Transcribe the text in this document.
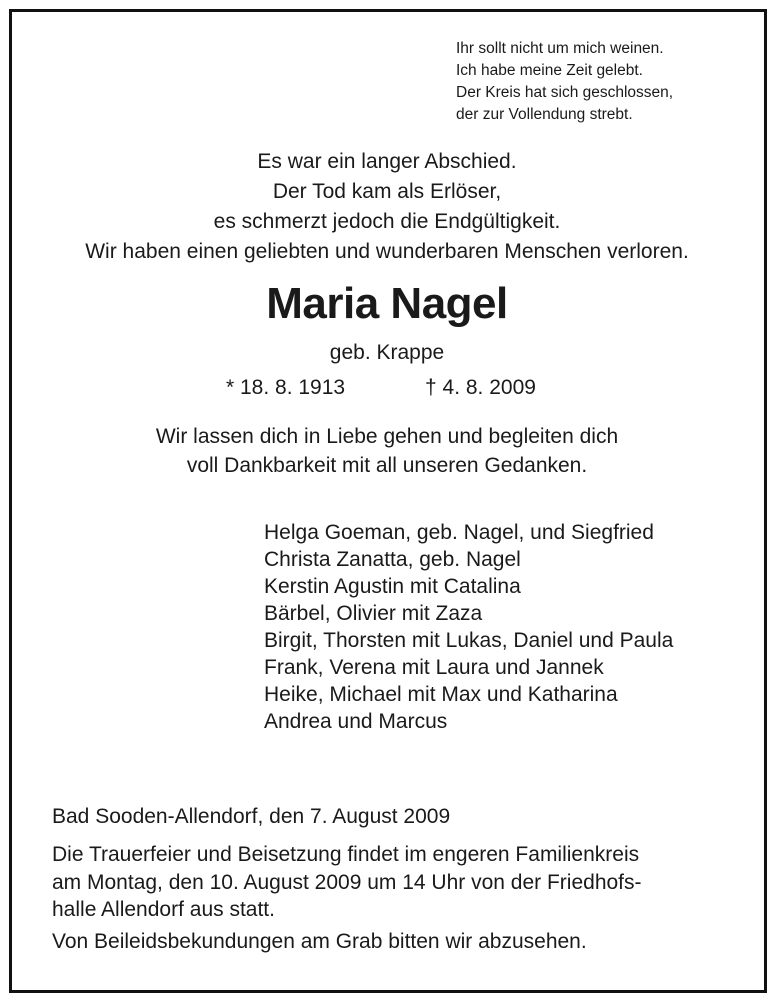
Ihr sollt nicht um mich weinen.
Ich habe meine Zeit gelebt.
Der Kreis hat sich geschlossen,
der zur Vollendung strebt.
Es war ein langer Abschied.
Der Tod kam als Erlöser,
es schmerzt jedoch die Endgültigkeit.
Wir haben einen geliebten und wunderbaren Menschen verloren.
Maria Nagel
geb. Krappe
* 18. 8. 1913	† 4. 8. 2009
Wir lassen dich in Liebe gehen und begleiten dich
voll Dankbarkeit mit all unseren Gedanken.
Helga Goeman, geb. Nagel, und Siegfried
Christa Zanatta, geb. Nagel
Kerstin Agustin mit Catalina
Bärbel, Olivier mit Zaza
Birgit, Thorsten mit Lukas, Daniel und Paula
Frank, Verena mit Laura und Jannek
Heike, Michael mit Max und Katharina
Andrea und Marcus
Bad Sooden-Allendorf, den 7. August 2009
Die Trauerfeier und Beisetzung findet im engeren Familienkreis
am Montag, den 10. August 2009 um 14 Uhr von der Friedhofs-
halle Allendorf aus statt.
Von Beileidsbekundungen am Grab bitten wir abzusehen.
